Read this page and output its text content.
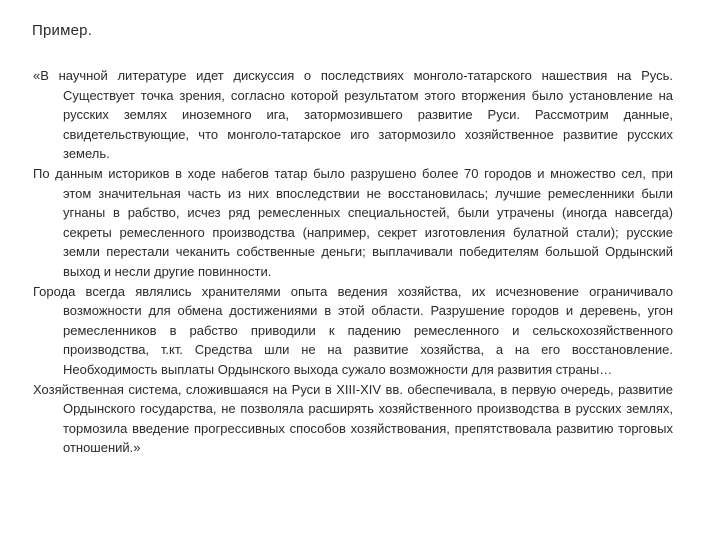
Пример.

«В научной литературе идет дискуссия о последствиях монголо-татарского нашествия на Русь. Существует точка зрения, согласно которой результатом этого вторжения было установление на русских землях иноземного ига, затормозившего развитие Руси. Рассмотрим данные, свидетельствующие, что монголо-татарское иго затормозило хозяйственное развитие русских земель.

По данным историков в ходе набегов татар было разрушено более 70 городов и множество сел, при этом значительная часть из них впоследствии не восстановилась; лучшие ремесленники были угнаны в рабство, исчез ряд ремесленных специальностей, были утрачены (иногда навсегда) секреты ремесленного производства (например, секрет изготовления булатной стали); русские земли перестали чеканить собственные деньги; выплачивали победителям большой Ордынский выход и несли другие повинности.

Города всегда являлись хранителями опыта ведения хозяйства, их исчезновение ограничивало возможности для обмена достижениями в этой области. Разрушение городов и деревень, угон ремесленников в рабство приводили к падению ремесленного и сельскохозяйственного производства, т.кт. Средства шли не на развитие хозяйства, а на его восстановление. Необходимость выплаты Ордынского выхода сужало возможности для развития страны…

Хозяйственная система, сложившаяся на Руси в XIII-XIV вв. обеспечивала, в первую очередь, развитие Ордынского государства, не позволяла расширять хозяйственного производства в русских землях, тормозила введение прогрессивных способов хозяйствования, препятствовала развитию торговых отношений.»
